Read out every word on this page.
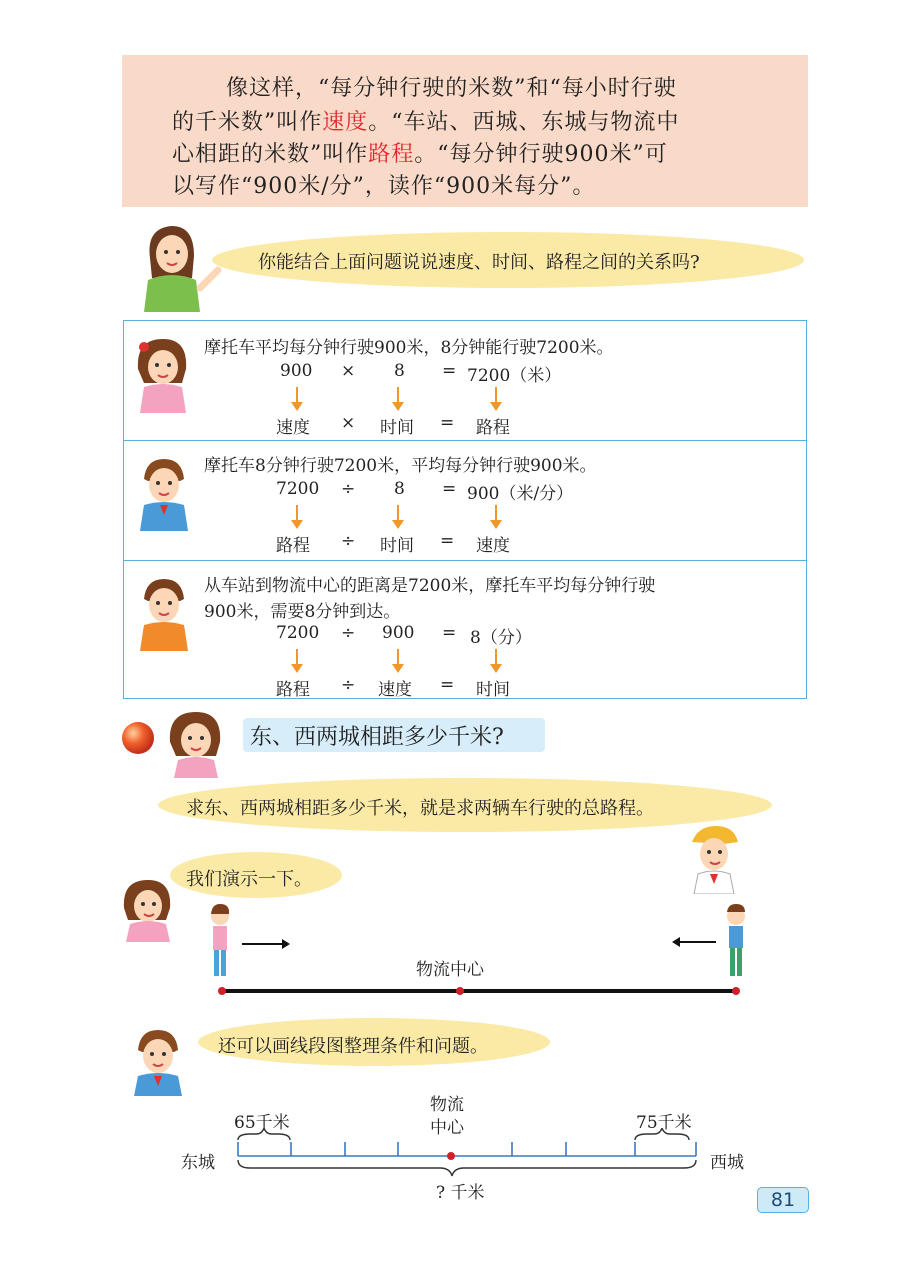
像这样，“每分钟行驶的米数”和“每小时行驶
的千米数”叫作速度。“车站、西城、东城与物流中
心相距的米数”叫作路程。“每分钟行驶900米”可
以写作“900米/分”，读作“900米每分”。
你能结合上面问题说说速度、时间、路程之间的关系吗?
摩托车平均每分钟行驶900米，8分钟能行驶7200米。
900 × 8 = 7200（米）
速度 × 时间 = 路程
摩托车8分钟行驶7200米，平均每分钟行驶900米。
7200 ÷ 8 = 900（米/分）
路程 ÷ 时间 = 速度
从车站到物流中心的距离是7200米，摩托车平均每分钟行驶
900米，需要8分钟到达。
7200 ÷ 900 = 8（分）
路程 ÷ 速度 = 时间
东、西两城相距多少千米?
求东、西两城相距多少千米，就是求两辆车行驶的总路程。
我们演示一下。
物流中心
还可以画线段图整理条件和问题。
物流
中心
65千米	75千米
东城	西城
? 千米	81
